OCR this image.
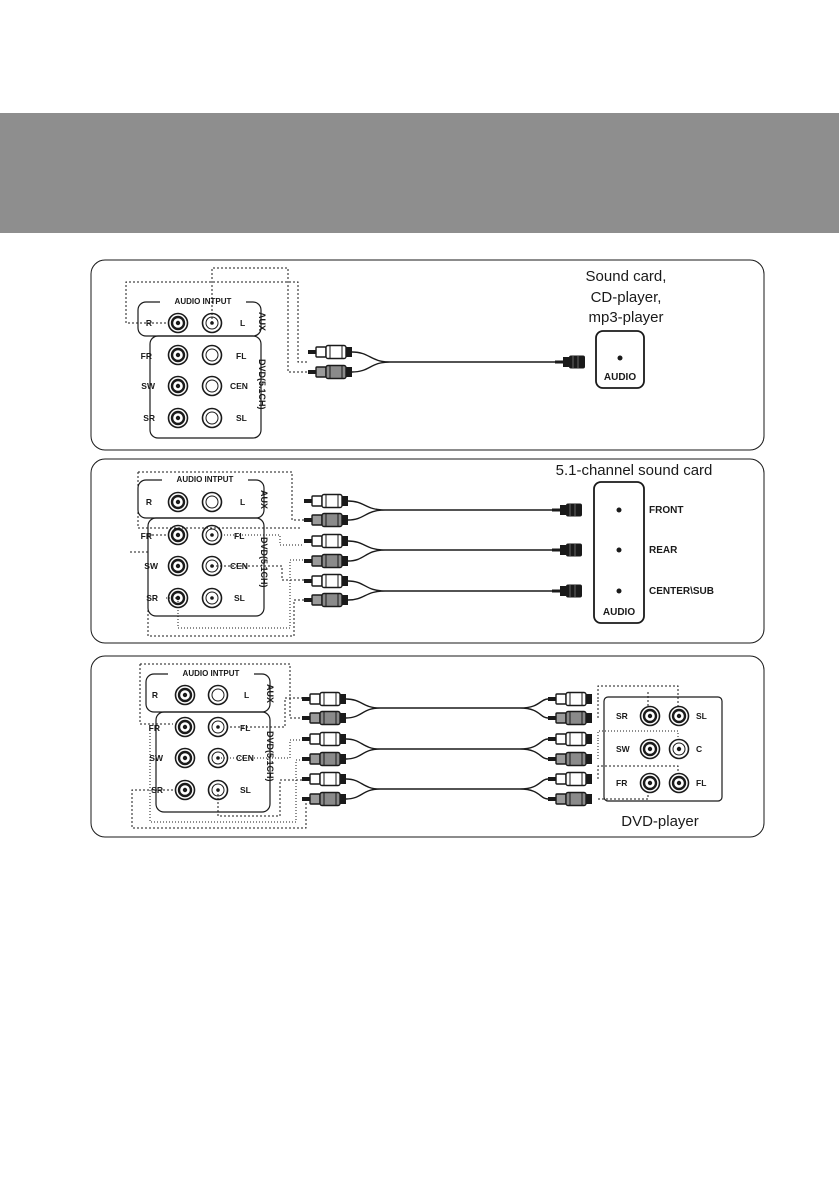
AUDIO INTPUT
AUX
DVD(5.1CH)
R
FR
SW
SR
L
FL
CEN
SL
Sound card,
CD-player,
mp3-player
AUDIO
AUDIO INTPUT
AUX
DVD(5.1CH)
R
FR
SW
SR
L
FL
CEN
SL
5.1-channel sound card
AUDIO
FRONT
REAR
CENTER\SUB
AUDIO INTPUT
AUX
DVD(5.1CH)
R
FR
SW
SR
L
FL
CEN
SL
SR
SW
FR
SL
C
FL
DVD-player
